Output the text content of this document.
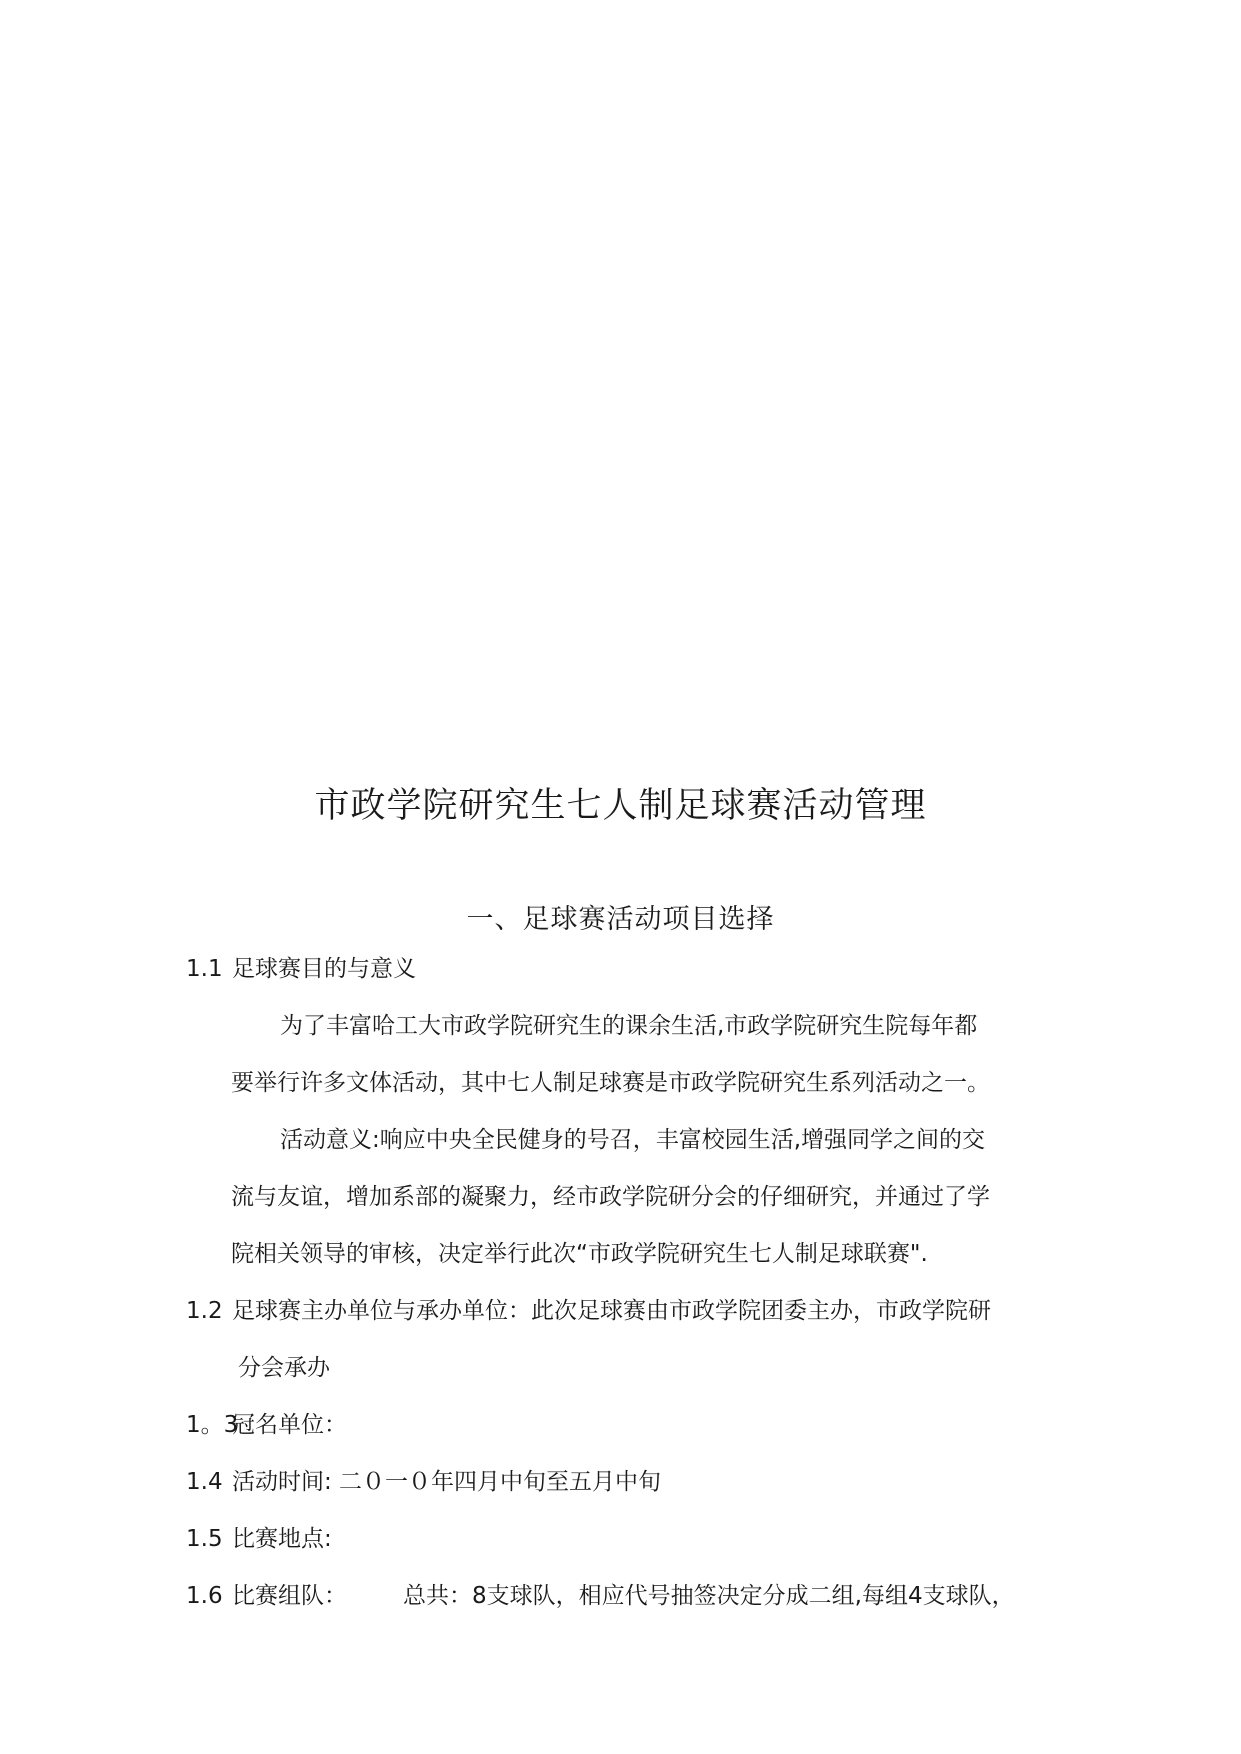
市政学院研究生七人制足球赛活动管理
一、足球赛活动项目选择
1.1 足球赛目的与意义
为了丰富哈工大市政学院研究生的课余生活,市政学院研究生院每年都
要举行许多文体活动，其中七人制足球赛是市政学院研究生系列活动之一。
活动意义:响应中央全民健身的号召，丰富校园生活,增强同学之间的交
流与友谊，增加系部的凝聚力，经市政学院研分会的仔细研究，并通过了学
院相关领导的审核，决定举行此次“市政学院研究生七人制足球联赛".
1.2 足球赛主办单位与承办单位：此次足球赛由市政学院团委主办，市政学院研
分会承办
1。3冠名单位：
1.4 活动时间: 二０一０年四月中旬至五月中旬
1.5 比赛地点:
1.6 比赛组队： 总共：8支球队，相应代号抽签决定分成二组,每组4支球队，
